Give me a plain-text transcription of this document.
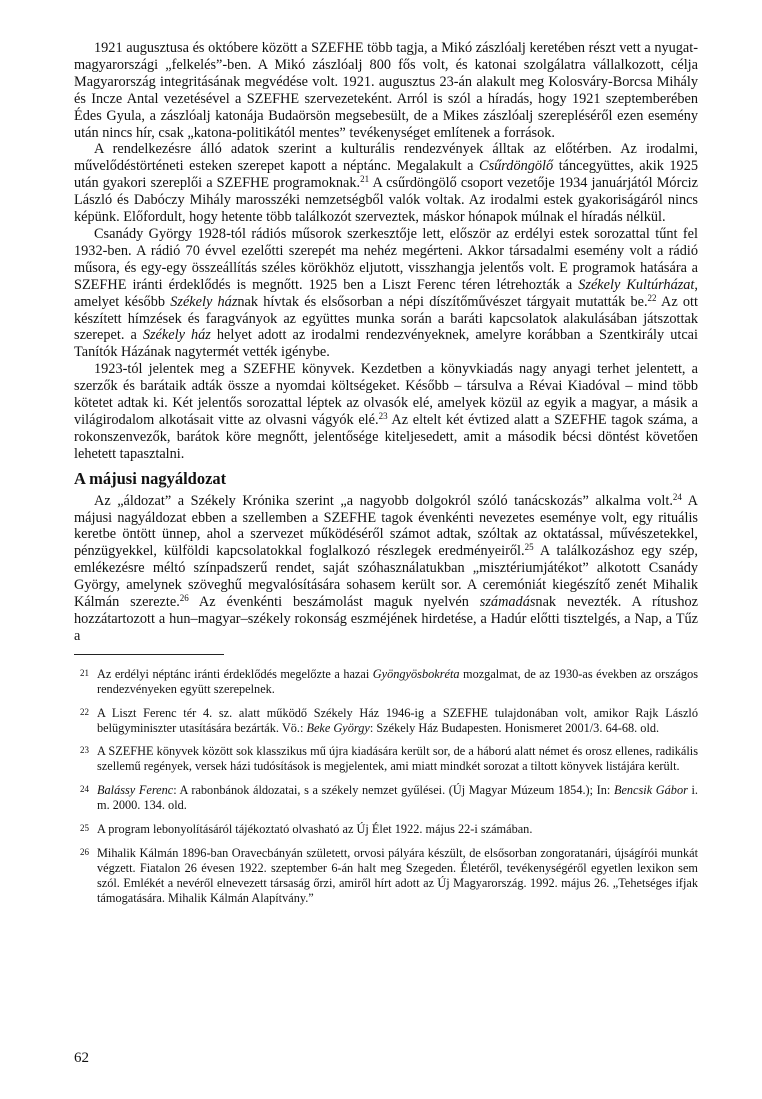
1921 augusztusa és októbere között a SZEFHE több tagja, a Mikó zászlóalj keretében részt vett a nyugat-magyarországi „felkelés”-ben. A Mikó zászlóalj 800 fős volt, és katonai szolgálatra vállalkozott, célja Magyarország integritásának megvédése volt. 1921. augusztus 23-án alakult meg Kolosváry-Borcsa Mihály és Incze Antal vezetésével a SZEFHE szervezeteként. Arról is szól a híradás, hogy 1921 szeptemberében Édes Gyula, a zászlóalj katonája Budaörsön megsebesült, de a Mikes zászlóalj szerepléséről ezen esemény után nincs hír, csak „katona-politikától mentes” tevékenységet említenek a források.

A rendelkezésre álló adatok szerint a kulturális rendezvények álltak az előtérben. Az irodalmi, művelődéstörténeti esteken szerepet kapott a néptánc. Megalakult a Csűrdöngölő táncegyüttes, akik 1925 után gyakori szereplői a SZEFHE programoknak.$^{21}$ A csűrdöngölő csoport vezetője 1934 januárjától Mórciz László és Dabóczy Mihály marosszéki nemzetségből valók voltak. Az irodalmi estek gyakoriságáról nincs képünk. Előfordult, hogy hetente több találkozót szerveztek, máskor hónapok múlnak el híradás nélkül.

Csanády György 1928-tól rádiós műsorok szerkesztője lett, először az erdélyi estek sorozattal tűnt fel 1932-ben. A rádió 70 évvel ezelőtti szerepét ma nehéz megérteni. Akkor társadalmi esemény volt a rádió műsora, és egy-egy összeállítás széles körökhöz eljutott, visszhangja jelentős volt. E programok hatására a SZEFHE iránti érdeklődés is megnőtt. 1925 ben a Liszt Ferenc téren létrehozták a Székely Kultúrházat, amelyet később Székely háznak hívtak és elsősorban a népi díszítőművészet tárgyait mutatták be.$^{22}$ Az ott készített hímzések és faragványok az együttes munka során a baráti kapcsolatok alakulásában játszottak szerepet. a Székely ház helyet adott az irodalmi rendezvényeknek, amelyre korábban a Szentkirály utcai Tanítók Házának nagytermét vették igénybe.

1923-tól jelentek meg a SZEFHE könyvek. Kezdetben a könyvkiadás nagy anyagi terhet jelentett, a szerzők és barátaik adták össze a nyomdai költségeket. Később – társulva a Révai Kiadóval – mind több kötetet adtak ki. Két jelentős sorozattal léptek az olvasók elé, amelyek közül az egyik a magyar, a másik a világirodalom alkotásait vitte az olvasni vágyók elé.$^{23}$ Az eltelt két évtized alatt a SZEFHE tagok száma, a rokonszenvezők, barátok köre megnőtt, jelentősége kiteljesedett, amit a második bécsi döntést követően lehetett tapasztalni.

A májusi nagyáldozat

Az „áldozat” a Székely Krónika szerint „a nagyobb dolgokról szóló tanácskozás” alkalma volt.$^{24}$ A májusi nagyáldozat ebben a szellemben a SZEFHE tagok évenkénti nevezetes eseménye volt, egy rituális keretbe öntött ünnep, ahol a szervezet működéséről számot adtak, szóltak az oktatással, művészetekkel, pénzügyekkel, külföldi kapcsolatokkal foglalkozó részlegek eredményeiről.$^{25}$ A találkozáshoz egy szép, emlékezésre méltó színpadszerű rendet, saját szóhasználatukban „misztériumjátékot” alkotott Csanády György, amelynek szöveghű megvalósítására sohasem került sor. A ceremóniát kiegészítő zenét Mihalik Kálmán szerezte.$^{26}$ Az évenkénti beszámolást maguk nyelvén számadásnak nevezték. A rítushoz hozzátartozott a hun–magyar–székely rokonság eszméjének hirdetése, a Hadúr előtti tisztelgés, a Nap, a Tűz a

21 Az erdélyi néptánc iránti érdeklődés megelőzte a hazai Gyöngyösbokréta mozgalmat, de az 1930-as években az országos rendezvényeken együtt szerepelnek.

22 A Liszt Ferenc tér 4. sz. alatt működő Székely Ház 1946-ig a SZEFHE tulajdonában volt, amikor Rajk László belügyminiszter utasítására bezárták. Vö.: Beke György: Székely Ház Budapesten. Honismeret 2001/3. 64-68. old.

23 A SZEFHE könyvek között sok klasszikus mű újra kiadására került sor, de a háború alatt német és orosz ellenes, radikális szellemű regények, versek házi tudósítások is megjelentek, ami miatt mindkét sorozat a tiltott könyvek listájára került.

24 Balássy Ferenc: A rabonbánok áldozatai, s a székely nemzet gyűlései. (Új Magyar Múzeum 1854.); In: Bencsik Gábor i. m. 2000. 134. old.

25 A program lebonyolításáról tájékoztató olvasható az Új Élet 1922. május 22-i számában.

26 Mihalik Kálmán 1896-ban Oravecbányán született, orvosi pályára készült, de elsősorban zongoratanári, újságírói munkát végzett. Fiatalon 26 évesen 1922. szeptember 6-án halt meg Szegeden. Életéről, tevékenységéről egyetlen lexikon sem szól. Emlékét a nevéről elnevezett társaság őrzi, amiről hírt adott az Új Magyarország. 1992. május 26. „Tehetséges ifjak támogatására. Mihalik Kálmán Alapítvány.”

62
